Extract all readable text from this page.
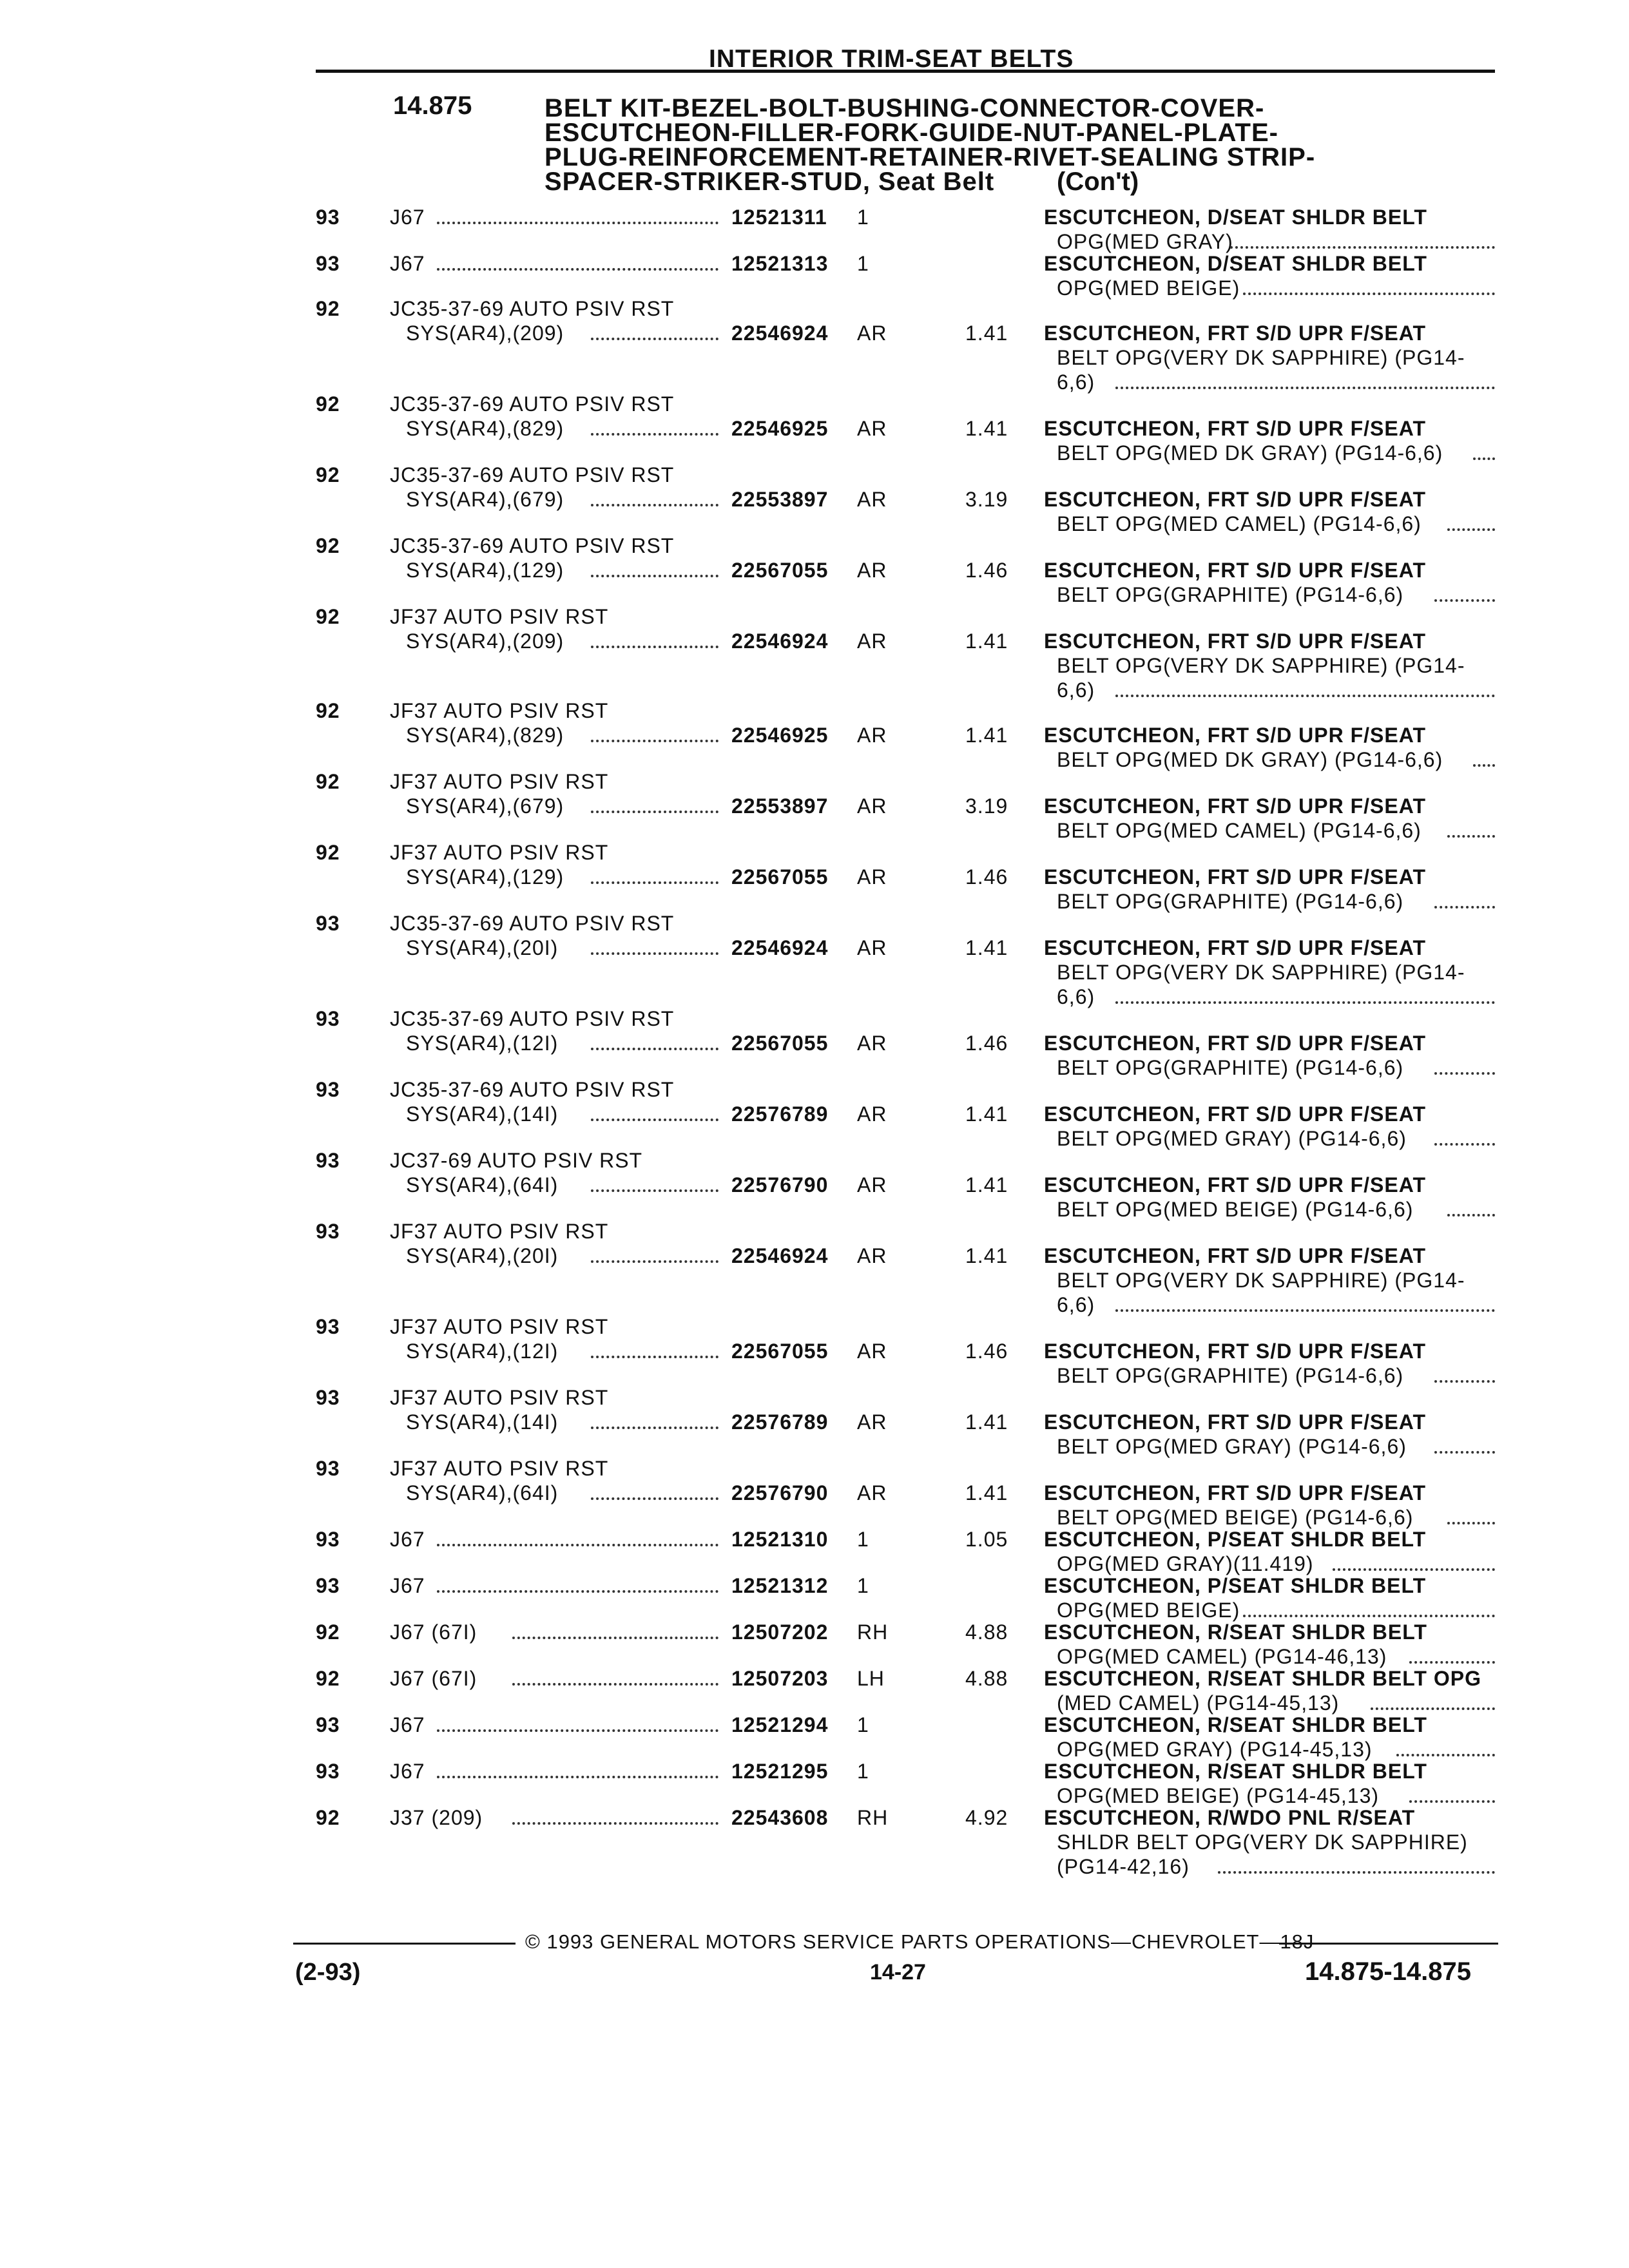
INTERIOR TRIM-SEAT BELTS
14.875	BELT KIT-BEZEL-BOLT-BUSHING-CONNECTOR-COVER-
ESCUTCHEON-FILLER-FORK-GUIDE-NUT-PANEL-PLATE-
PLUG-REINFORCEMENT-RETAINER-RIVET-SEALING STRIP-
SPACER-STRIKER-STUD, Seat Belt (Con't)
93 J67	12521311 1	ESCUTCHEON, D/SEAT SHLDR BELT
OPG(MED GRAY)
93 J67	12521313 1	ESCUTCHEON, D/SEAT SHLDR BELT
OPG(MED BEIGE)
92 JC35-37-69 AUTO PSIV RST
SYS(AR4),(209)	22546924 AR	1.41 ESCUTCHEON, FRT S/D UPR F/SEAT
BELT OPG(VERY DK SAPPHIRE) (PG14-
6,6)
92 JC35-37-69 AUTO PSIV RST
SYS(AR4),(829)	22546925 AR	1.41 ESCUTCHEON, FRT S/D UPR F/SEAT
BELT OPG(MED DK GRAY) (PG14-6,6)
92 JC35-37-69 AUTO PSIV RST
SYS(AR4),(679)	22553897 AR	3.19 ESCUTCHEON, FRT S/D UPR F/SEAT
BELT OPG(MED CAMEL) (PG14-6,6)
92 JC35-37-69 AUTO PSIV RST
SYS(AR4),(129)	22567055 AR	1.46 ESCUTCHEON, FRT S/D UPR F/SEAT
BELT OPG(GRAPHITE) (PG14-6,6)
92 JF37 AUTO PSIV RST
SYS(AR4),(209)	22546924 AR	1.41 ESCUTCHEON, FRT S/D UPR F/SEAT
BELT OPG(VERY DK SAPPHIRE) (PG14-
6,6)
92 JF37 AUTO PSIV RST
SYS(AR4),(829)	22546925 AR	1.41 ESCUTCHEON, FRT S/D UPR F/SEAT
BELT OPG(MED DK GRAY) (PG14-6,6)
92 JF37 AUTO PSIV RST
SYS(AR4),(679)	22553897 AR	3.19 ESCUTCHEON, FRT S/D UPR F/SEAT
BELT OPG(MED CAMEL) (PG14-6,6)
92 JF37 AUTO PSIV RST
SYS(AR4),(129)	22567055 AR	1.46 ESCUTCHEON, FRT S/D UPR F/SEAT
BELT OPG(GRAPHITE) (PG14-6,6)
93 JC35-37-69 AUTO PSIV RST
SYS(AR4),(20I)	22546924 AR	1.41 ESCUTCHEON, FRT S/D UPR F/SEAT
BELT OPG(VERY DK SAPPHIRE) (PG14-
6,6)
93 JC35-37-69 AUTO PSIV RST
SYS(AR4),(12I)	22567055 AR	1.46 ESCUTCHEON, FRT S/D UPR F/SEAT
BELT OPG(GRAPHITE) (PG14-6,6)
93 JC35-37-69 AUTO PSIV RST
SYS(AR4),(14I)	22576789 AR	1.41 ESCUTCHEON, FRT S/D UPR F/SEAT
BELT OPG(MED GRAY) (PG14-6,6)
93 JC37-69 AUTO PSIV RST
SYS(AR4),(64I)	22576790 AR	1.41 ESCUTCHEON, FRT S/D UPR F/SEAT
BELT OPG(MED BEIGE) (PG14-6,6)
93 JF37 AUTO PSIV RST
SYS(AR4),(20I)	22546924 AR	1.41 ESCUTCHEON, FRT S/D UPR F/SEAT
BELT OPG(VERY DK SAPPHIRE) (PG14-
6,6)
93 JF37 AUTO PSIV RST
SYS(AR4),(12I)	22567055 AR	1.46 ESCUTCHEON, FRT S/D UPR F/SEAT
BELT OPG(GRAPHITE) (PG14-6,6)
93 JF37 AUTO PSIV RST
SYS(AR4),(14I)	22576789 AR	1.41 ESCUTCHEON, FRT S/D UPR F/SEAT
BELT OPG(MED GRAY) (PG14-6,6)
93 JF37 AUTO PSIV RST
SYS(AR4),(64I)	22576790 AR	1.41 ESCUTCHEON, FRT S/D UPR F/SEAT
BELT OPG(MED BEIGE) (PG14-6,6)
93 J67	12521310 1	1.05 ESCUTCHEON, P/SEAT SHLDR BELT
OPG(MED GRAY)(11.419)
93 J67	12521312 1	ESCUTCHEON, P/SEAT SHLDR BELT
OPG(MED BEIGE)
92 J67 (67I)	12507202 RH	4.88 ESCUTCHEON, R/SEAT SHLDR BELT
OPG(MED CAMEL) (PG14-46,13)
92 J67 (67I)	12507203 LH	4.88 ESCUTCHEON, R/SEAT SHLDR BELT OPG
(MED CAMEL) (PG14-45,13)
93 J67	12521294 1	ESCUTCHEON, R/SEAT SHLDR BELT
OPG(MED GRAY) (PG14-45,13)
93 J67	12521295 1	ESCUTCHEON, R/SEAT SHLDR BELT
OPG(MED BEIGE) (PG14-45,13)
92 J37 (209)	22543608 RH	4.92 ESCUTCHEON, R/WDO PNL R/SEAT
SHLDR BELT OPG(VERY DK SAPPHIRE)
(PG14-42,16)
© 1993 GENERAL MOTORS SERVICE PARTS OPERATIONS—CHEVROLET—18J
(2-93)	14-27	14.875-14.875
